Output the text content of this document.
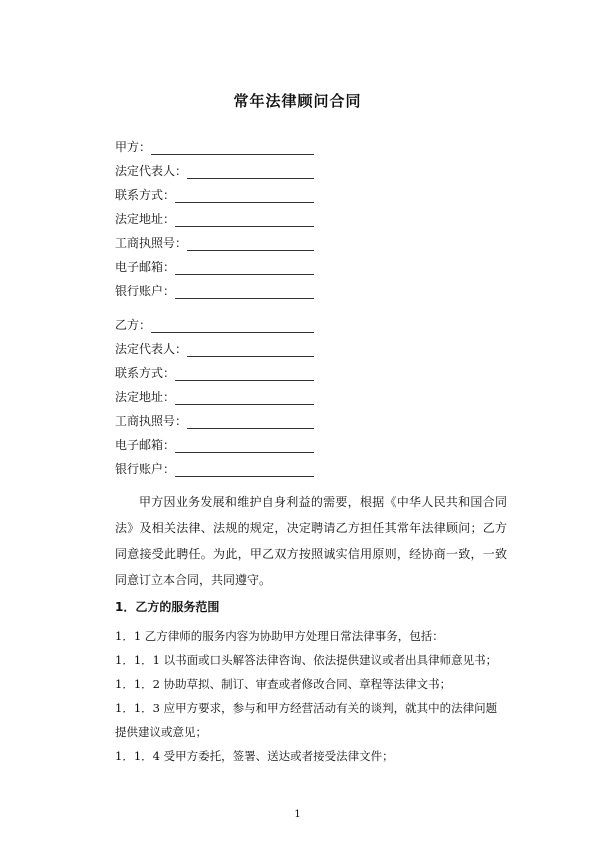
常年法律顾问合同
甲方：
法定代表人：
联系方式：
法定地址：
工商执照号：
电子邮箱：
银行账户：
乙方：
法定代表人：
联系方式：
法定地址：
工商执照号：
电子邮箱：
银行账户：
甲方因业务发展和维护自身利益的需要，根据《中华人民共和国合同法》及相关法律、法规的规定，决定聘请乙方担任其常年法律顾问；乙方同意接受此聘任。为此，甲乙双方按照诚实信用原则，经协商一致，一致同意订立本合同，共同遵守。
1．乙方的服务范围
1．1 乙方律师的服务内容为协助甲方处理日常法律事务，包括：
1．1．1 以书面或口头解答法律咨询、依法提供建议或者出具律师意见书；
1．1．2 协助草拟、制订、审查或者修改合同、章程等法律文书；
1．1．3 应甲方要求，参与和甲方经营活动有关的谈判，就其中的法律问题提供建议或意见；
1．1．4 受甲方委托，签署、送达或者接受法律文件；
1
